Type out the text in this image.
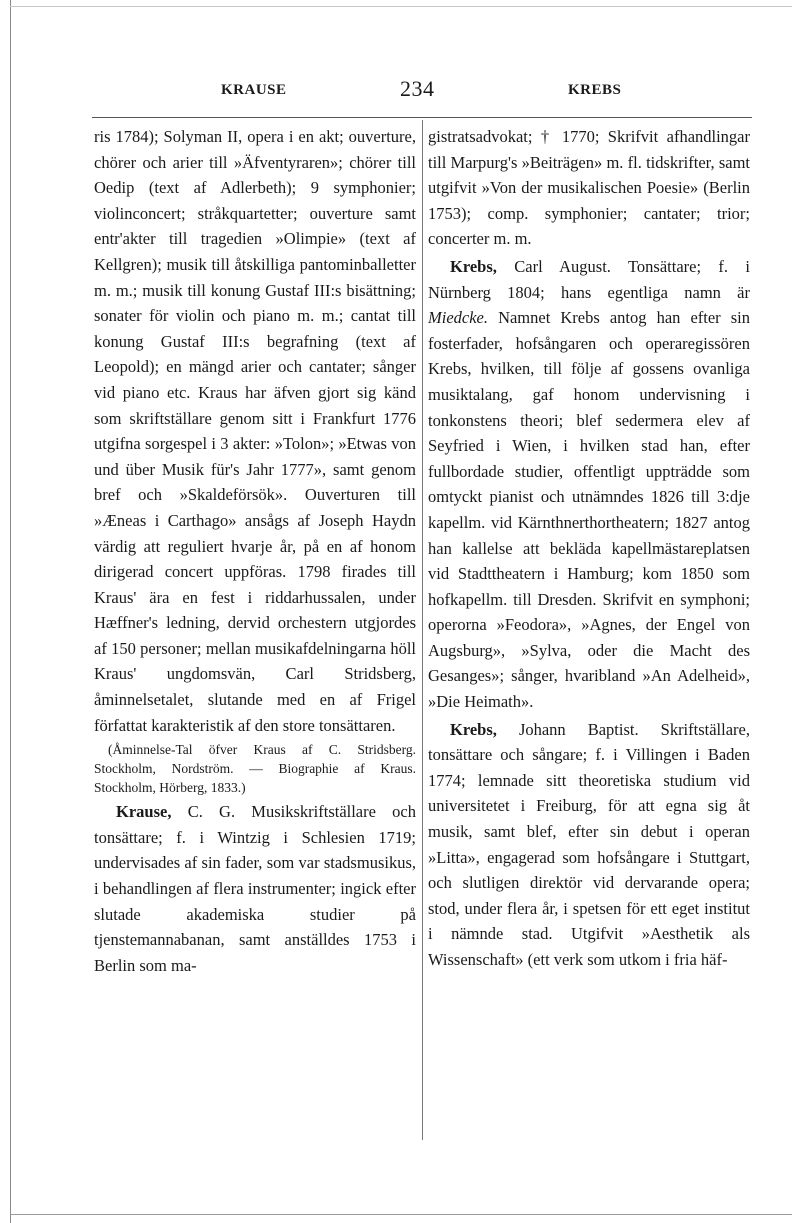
KRAUSE	234	KREBS

ris 1784); Solyman II, opera i en akt; ouverture, chörer och arier till »Äfventyraren»; chörer till Oedip (text af Adlerbeth); 9 symphonier; violinconcert; stråkquartetter; ouverture samt entr'akter till tragedien »Olimpie» (text af Kellgren); musik till åtskilliga pantominballetter m. m.; musik till konung Gustaf III:s bisättning; sonater för violin och piano m. m.; cantat till konung Gustaf III:s begrafning (text af Leopold); en mängd arier och cantater; sånger vid piano etc. Kraus har äfven gjort sig känd som skriftställare genom sitt i Frankfurt 1776 utgifna sorgespel i 3 akter: »Tolon»; »Etwas von und über Musik für's Jahr 1777», samt genom bref och »Skaldeförsök». Ouverturen till »Æneas i Carthago» ansågs af Joseph Haydn värdig att reguliert hvarje år, på en af honom dirigerad concert uppföras. 1798 firades till Kraus' ära en fest i riddarhussalen, under Hæffner's ledning, dervid orchestern utgjordes af 150 personer; mellan musikafdelningarna höll Kraus' ungdomsvän, Carl Stridsberg, åminnelsetalet, slutande med en af Frigel författat karakteristik af den store tonsättaren.

(Åminnelse-Tal öfver Kraus af C. Stridsberg. Stockholm, Nordström. — Biographie af Kraus. Stockholm, Hörberg, 1833.)

Krause, C. G. Musikskriftställare och tonsättare; f. i Wintzig i Schlesien 1719; undervisades af sin fader, som var stadsmusikus, i behandlingen af flera instrumenter; ingick efter slutade akademiska studier på tjenstemannabanan, samt anställdes 1753 i Berlin som ma-

gistratsadvokat; † 1770; Skrifvit afhandlingar till Marpurg's »Beiträgen» m. fl. tidskrifter, samt utgifvit »Von der musikalischen Poesie» (Berlin 1753); comp. symphonier; cantater; trior; concerter m. m.

Krebs, Carl August. Tonsättare; f. i Nürnberg 1804; hans egentliga namn är Miedcke. Namnet Krebs antog han efter sin fosterfader, hofsångaren och operaregissören Krebs, hvilken, till följe af gossens ovanliga musiktalang, gaf honom undervisning i tonkonstens theori; blef sedermera elev af Seyfried i Wien, i hvilken stad han, efter fullbordade studier, offentligt uppträdde som omtyckt pianist och utnämndes 1826 till 3:dje kapellm. vid Kärnthnerthortheatern; 1827 antog han kallelse att bekläda kapellmästareplatsen vid Stadttheatern i Hamburg; kom 1850 som hofkapellm. till Dresden. Skrifvit en symphoni; operorna »Feodora», »Agnes, der Engel von Augsburg», »Sylva, oder die Macht des Gesanges»; sånger, hvaribland »An Adelheid», »Die Heimath».

Krebs, Johann Baptist. Skriftställare, tonsättare och sångare; f. i Villingen i Baden 1774; lemnade sitt theoretiska studium vid universitetet i Freiburg, för att egna sig åt musik, samt blef, efter sin debut i operan »Litta», engagerad som hofsångare i Stuttgart, och slutligen direktör vid dervarande opera; stod, under flera år, i spetsen för ett eget institut i nämnde stad. Utgifvit »Aesthetik als Wissenschaft» (ett verk som utkom i fria häf-
